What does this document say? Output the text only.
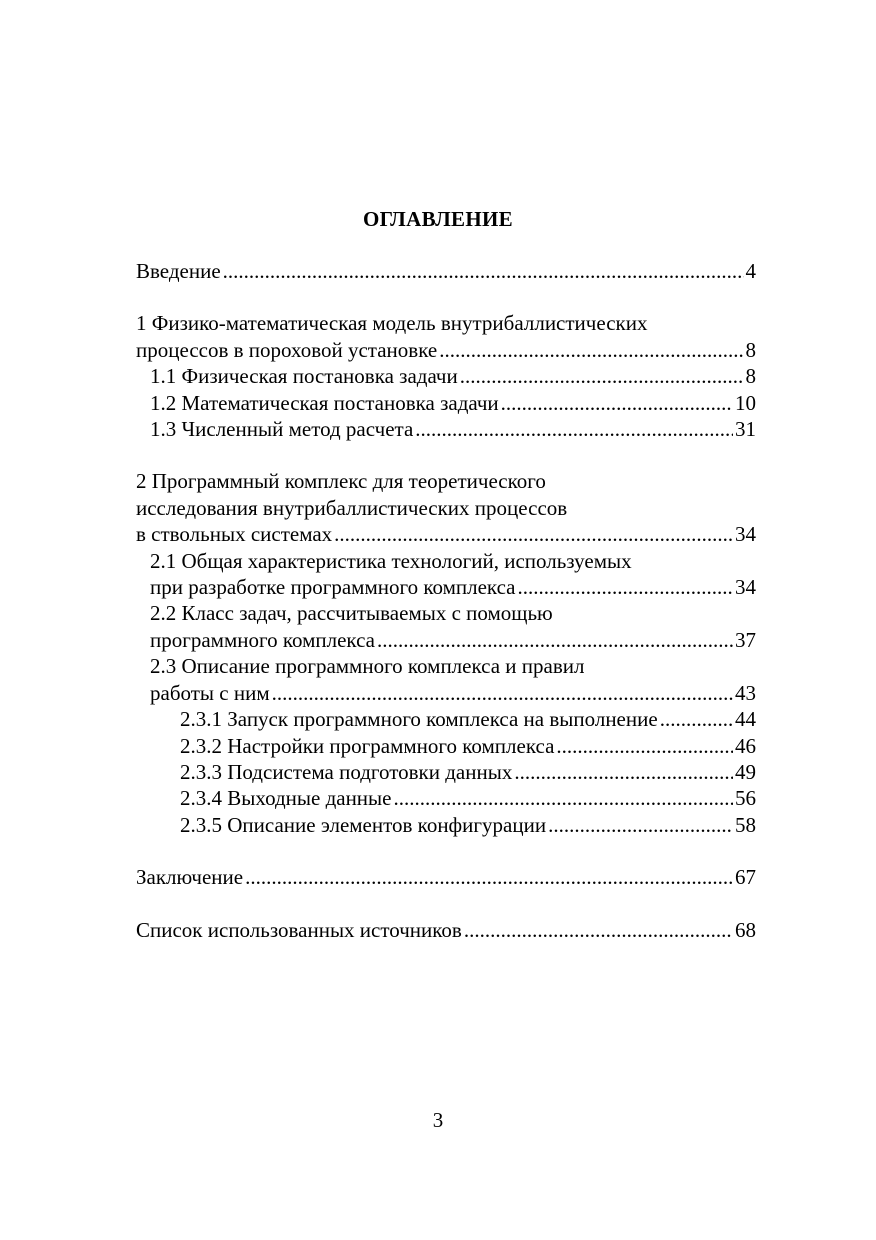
ОГЛАВЛЕНИЕ
Введение .....	4
1 Физико-математическая модель внутрибаллистических
процессов в пороховой установке .....	8
1.1 Физическая постановка задачи .....	8
1.2 Математическая постановка задачи .....	10
1.3 Численный метод расчета .....	31
2 Программный комплекс для теоретического
исследования внутрибаллистических процессов
в ствольных системах .....	34
2.1 Общая характеристика технологий, используемых
при разработке программного комплекса .....	34
2.2 Класс задач, рассчитываемых с помощью
программного комплекса .....	37
2.3 Описание программного комплекса и правил
работы с ним .....	43
2.3.1 Запуск программного комплекса на выполнение .....	44
2.3.2 Настройки программного комплекса .....	46
2.3.3 Подсистема подготовки данных .....	49
2.3.4 Выходные данные .....	56
2.3.5 Описание элементов конфигурации .....	58
Заключение .....	67
Список использованных источников .....	68
3
